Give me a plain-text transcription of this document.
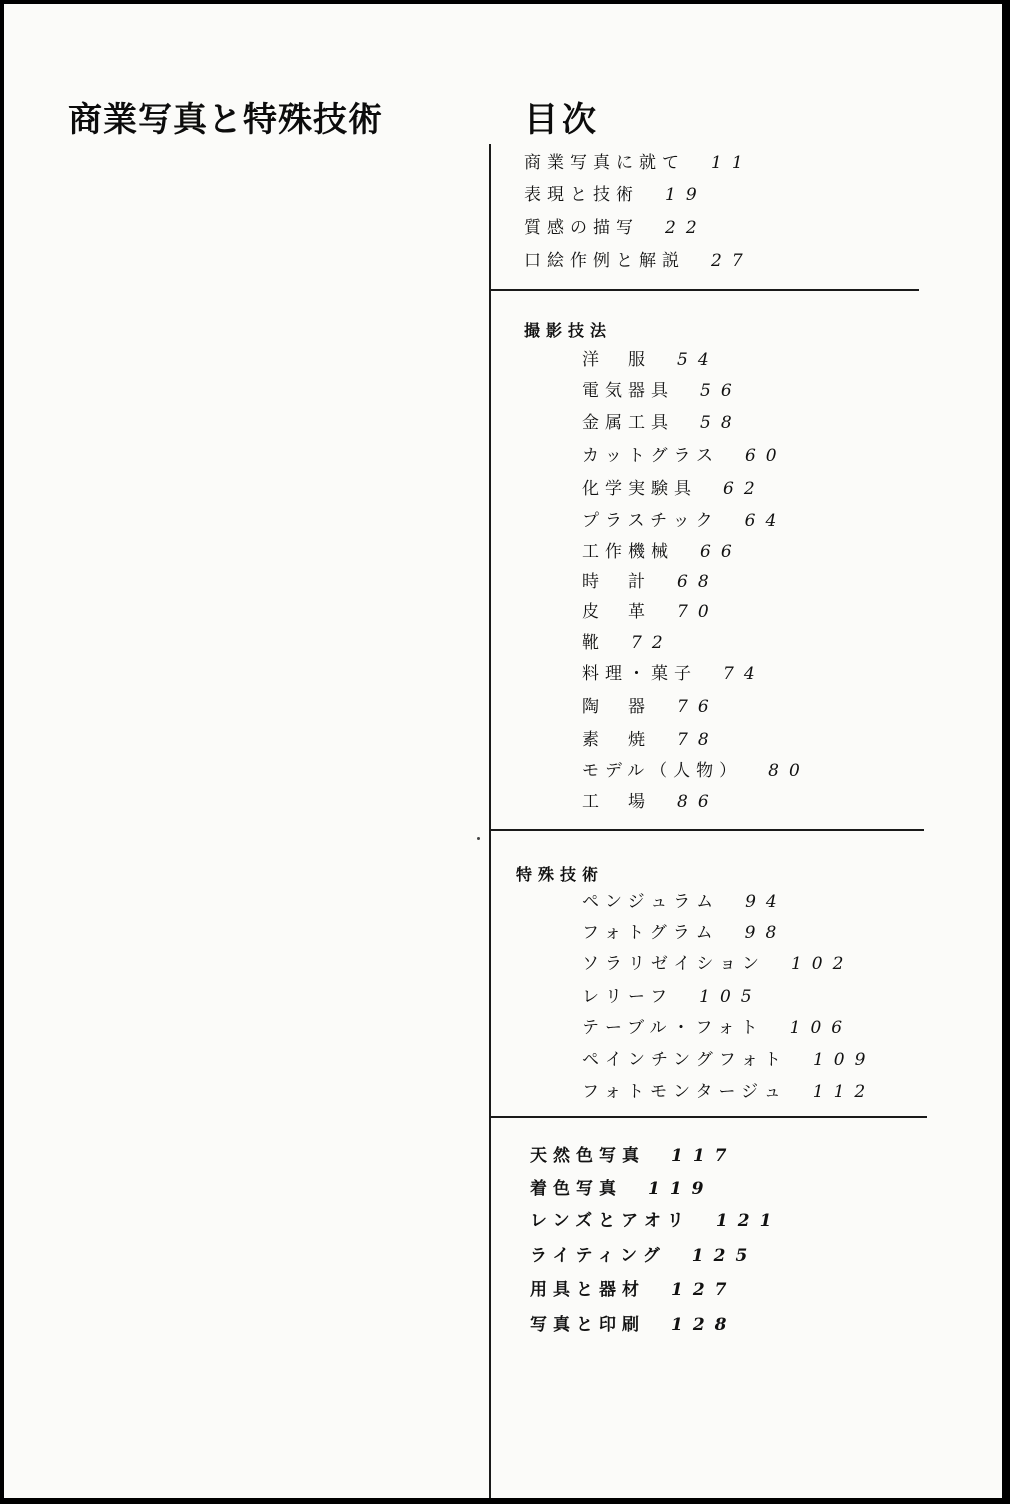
商業写真と特殊技術	目次
商業写真に就て 11
表現と技術 19
質感の描写 22
口絵作例と解説 27
撮影技法
洋　服 54
電気器具 56
金属工具 58
カットグラス 60
化学実験具 62
プラスチック 64
工作機械 66
時　計 68
皮　革 70
靴 72
料理・菓子 74
陶　器 76
素　焼 78
モデル（人物） 80
工　場 86
特殊技術
ペンジュラム 94
フォトグラム 98
ソラリゼイション 102
レリーフ 105
テーブル・フォト 106
ペインチングフォト 109
フォトモンタージュ 112
天然色写真 117
着色写真 119
レンズとアオリ 121
ライティング 125
用具と器材 127
写真と印刷 128
